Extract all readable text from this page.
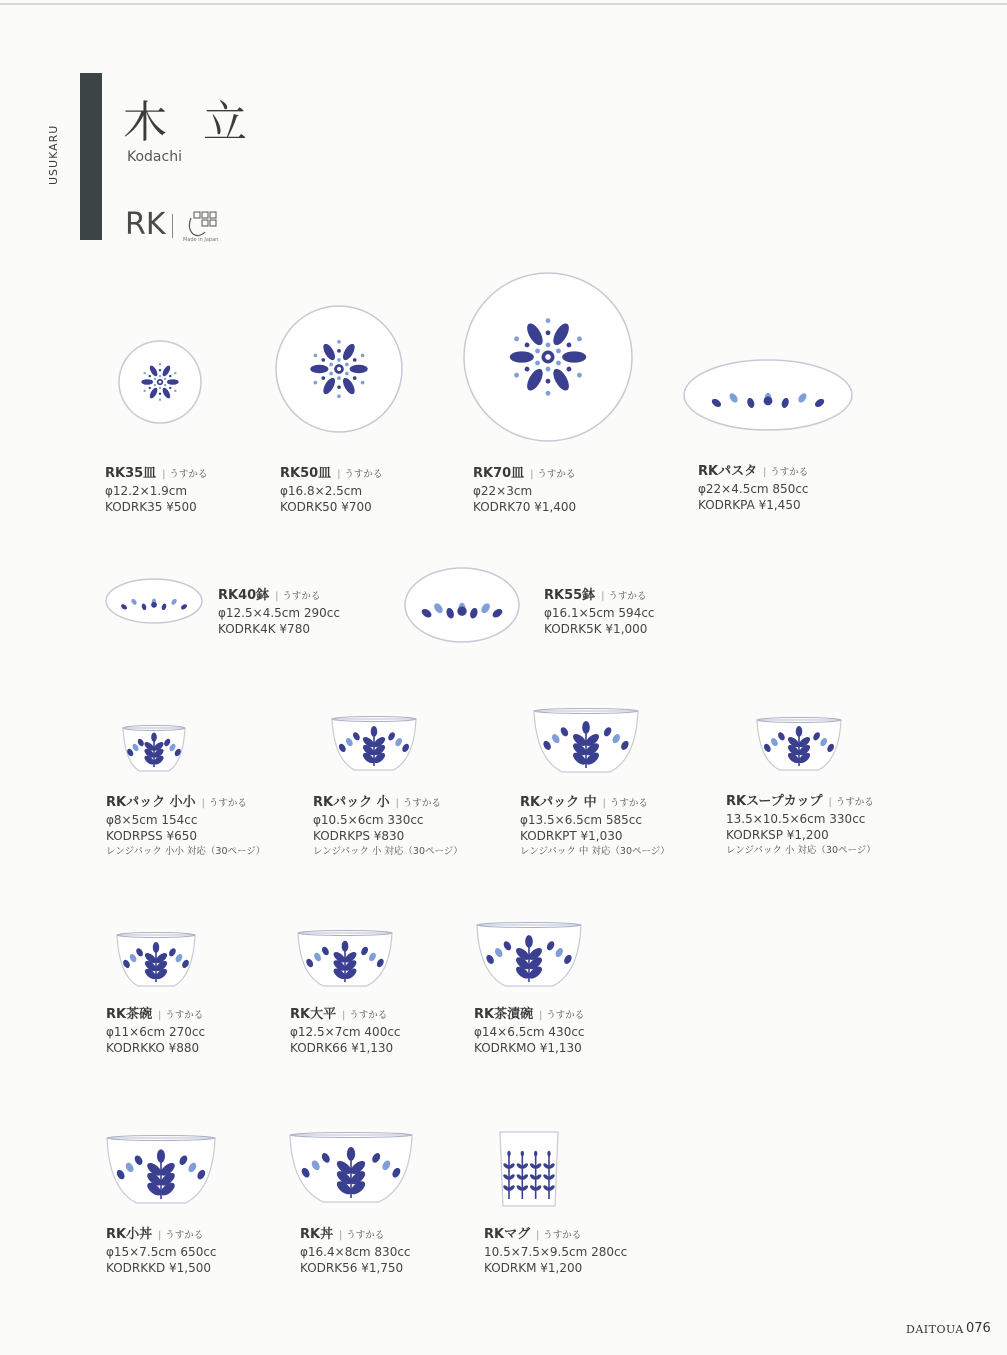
USUKARU
木立
Kodachi
RK	Made in Japan
RK35皿 | うすかる
φ12.2×1.9cm
KODRK35 ¥500
RK50皿 | うすかる
φ16.8×2.5cm
KODRK50 ¥700
RK70皿 | うすかる
φ22×3cm
KODRK70 ¥1,400
RKパスタ | うすかる
φ22×4.5cm 850cc
KODRKPA ¥1,450
RK40鉢 | うすかる
φ12.5×4.5cm 290cc
KODRK4K ¥780
RK55鉢 | うすかる
φ16.1×5cm 594cc
KODRK5K ¥1,000
RKパック 小小 | うすかる
φ8×5cm 154cc
KODRPSS ¥650
レンジパック 小小 対応（30ページ）
RKパック 小 | うすかる
φ10.5×6cm 330cc
KODRKPS ¥830
レンジパック 小 対応（30ページ）
RKパック 中 | うすかる
φ13.5×6.5cm 585cc
KODRKPT ¥1,030
レンジパック 中 対応（30ページ）
RKスープカップ | うすかる
13.5×10.5×6cm 330cc
KODRKSP ¥1,200
レンジパック 小 対応（30ページ）
RK茶碗 | うすかる
φ11×6cm 270cc
KODRKKO ¥880
RK大平 | うすかる
φ12.5×7cm 400cc
KODRK66 ¥1,130
RK茶漬碗 | うすかる
φ14×6.5cm 430cc
KODRKMO ¥1,130
RK小丼 | うすかる
φ15×7.5cm 650cc
KODRKKD ¥1,500
RK丼 | うすかる
φ16.4×8cm 830cc
KODRK56 ¥1,750
RKマグ | うすかる
10.5×7.5×9.5cm 280cc
KODRKM ¥1,200
DAITOUA 076
